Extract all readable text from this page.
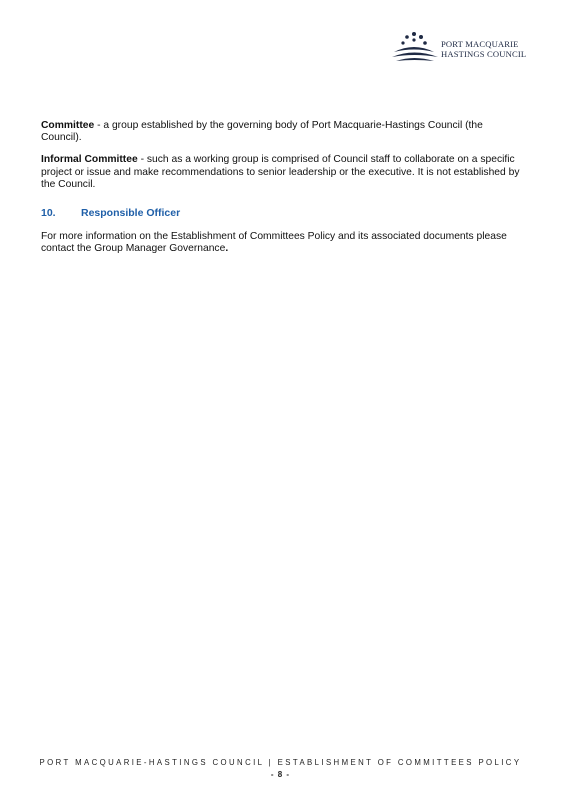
PORT MACQUARIE
HASTINGS COUNCIL

Committee - a group established by the governing body of Port Macquarie-Hastings Council (the Council).

Informal Committee - such as a working group is comprised of Council staff to collaborate on a specific project or issue and make recommendations to senior leadership or the executive. It is not established by the Council.

10. Responsible Officer

For more information on the Establishment of Committees Policy and its associated documents please contact the Group Manager Governance.

PORT MACQUARIE-HASTINGS COUNCIL | ESTABLISHMENT OF COMMITTEES POLICY
- 8 -
